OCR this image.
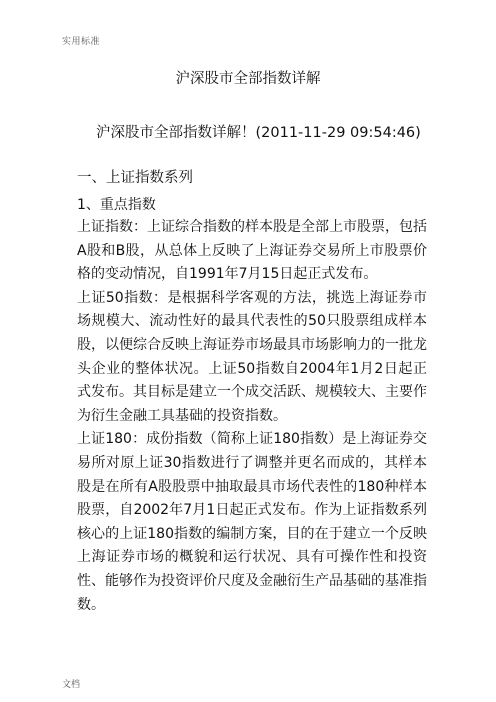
实用标准
沪深股市全部指数详解
沪深股市全部指数详解！(2011-11-29 09:54:46)
一、上证指数系列
1、重点指数

上证指数：上证综合指数的样本股是全部上市股票，包括A股和B股，从总体上反映了上海证券交易所上市股票价格的变动情况，自1991年7月15日起正式发布。

上证50指数：是根据科学客观的方法，挑选上海证券市场规模大、流动性好的最具代表性的50只股票组成样本股，以便综合反映上海证券市场最具市场影响力的一批龙头企业的整体状况。上证50指数自2004年1月2日起正式发布。其目标是建立一个成交活跃、规模较大、主要作为衍生金融工具基础的投资指数。

上证180：成份指数（简称上证180指数）是上海证券交易所对原上证30指数进行了调整并更名而成的，其样本股是在所有A股股票中抽取最具市场代表性的180种样本股票，自2002年7月1日起正式发布。作为上证指数系列核心的上证180指数的编制方案，目的在于建立一个反映上海证券市场的概貌和运行状况、具有可操作性和投资性、能够作为投资评价尺度及金融衍生产品基础的基准指数。

文档
